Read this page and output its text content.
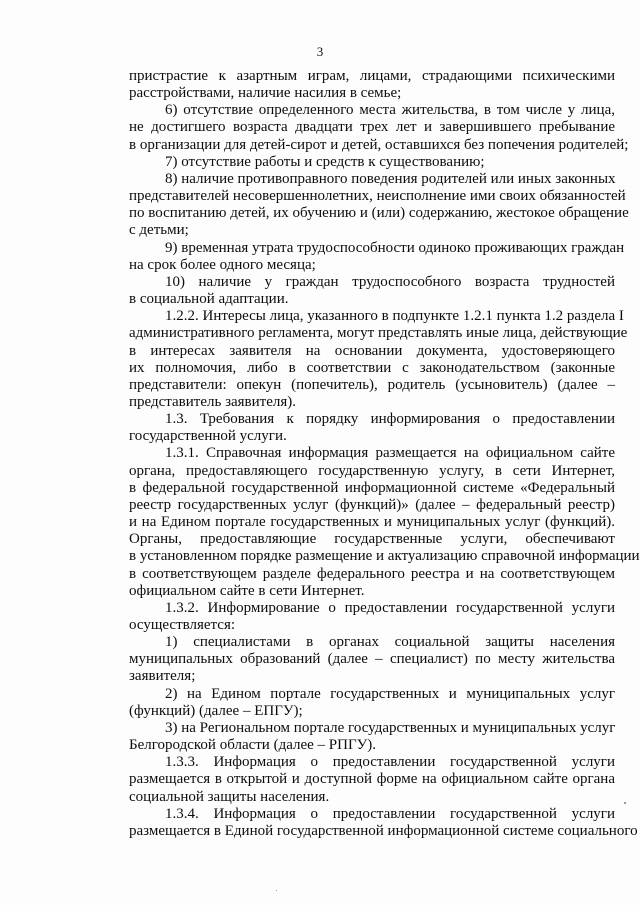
3
пристрастие к азартным играм, лицами, страдающими психическими
расстройствами, наличие насилия в семье;
6) отсутствие определенного места жительства, в том числе у лица,
не достигшего возраста двадцати трех лет и завершившего пребывание
в организации для детей-сирот и детей, оставшихся без попечения родителей;
7) отсутствие работы и средств к существованию;
8) наличие противоправного поведения родителей или иных законных
представителей несовершеннолетних, неисполнение ими своих обязанностей
по воспитанию детей, их обучению и (или) содержанию, жестокое обращение
с детьми;
9) временная утрата трудоспособности одиноко проживающих граждан
на срок более одного месяца;
10) наличие у граждан трудоспособного возраста трудностей
в социальной адаптации.
1.2.2. Интересы лица, указанного в подпункте 1.2.1 пункта 1.2 раздела I
административного регламента, могут представлять иные лица, действующие
в интересах заявителя на основании документа, удостоверяющего
их полномочия, либо в соответствии с законодательством (законные
представители: опекун (попечитель), родитель (усыновитель) (далее –
представитель заявителя).
1.3. Требования к порядку информирования о предоставлении
государственной услуги.
1.3.1. Справочная информация размещается на официальном сайте
органа, предоставляющего государственную услугу, в сети Интернет,
в федеральной государственной информационной системе «Федеральный
реестр государственных услуг (функций)» (далее – федеральный реестр)
и на Едином портале государственных и муниципальных услуг (функций).
Органы, предоставляющие государственные услуги, обеспечивают
в установленном порядке размещение и актуализацию справочной информации
в соответствующем разделе федерального реестра и на соответствующем
официальном сайте в сети Интернет.
1.3.2. Информирование о предоставлении государственной услуги
осуществляется:
1) специалистами в органах социальной защиты населения
муниципальных образований (далее – специалист) по месту жительства
заявителя;
2) на Едином портале государственных и муниципальных услуг
(функций) (далее – ЕПГУ);
3) на Региональном портале государственных и муниципальных услуг
Белгородской области (далее – РПГУ).
1.3.3. Информация о предоставлении государственной услуги
размещается в открытой и доступной форме на официальном сайте органа
социальной защиты населения.
1.3.4. Информация о предоставлении государственной услуги
размещается в Единой государственной информационной системе социального
